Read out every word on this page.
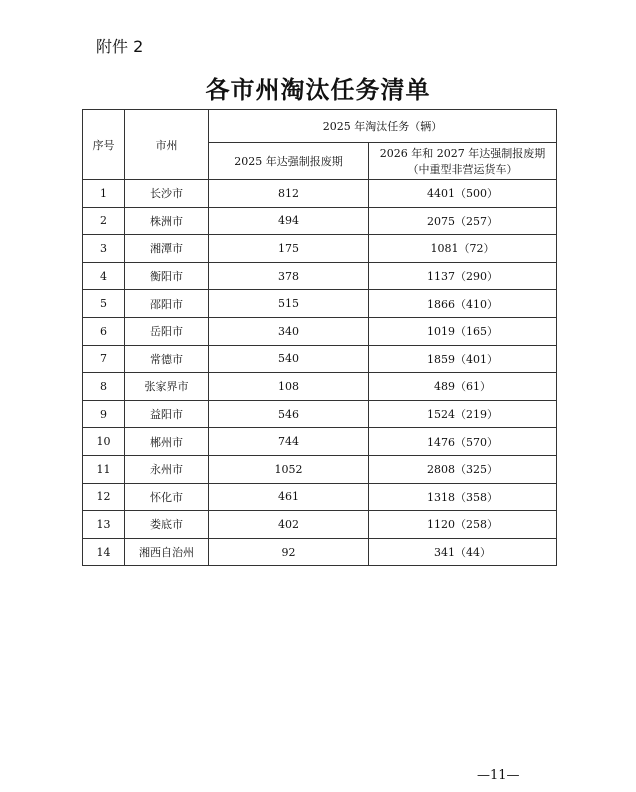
附件 2
各市州淘汰任务清单
序号	市州	2025 年淘汰任务（辆）	
		2025 年达强制报废期	2026 年和 2027 年达强制报废期
（中重型非营运货车）

1	长沙市	812	4401（500）
2	株洲市	494	2075（257）
3	湘潭市	175	1081（72）
4	衡阳市	378	1137（290）
5	邵阳市	515	1866（410）
6	岳阳市	340	1019（165）
7	常德市	540	1859（401）
8	张家界市	108	489（61）
9	益阳市	546	1524（219）
10	郴州市	744	1476（570）
11	永州市	1052	2808（325）
12	怀化市	461	1318（358）
13	娄底市	402	1120（258）
14	湘西自治州	92	341（44）
—11—
